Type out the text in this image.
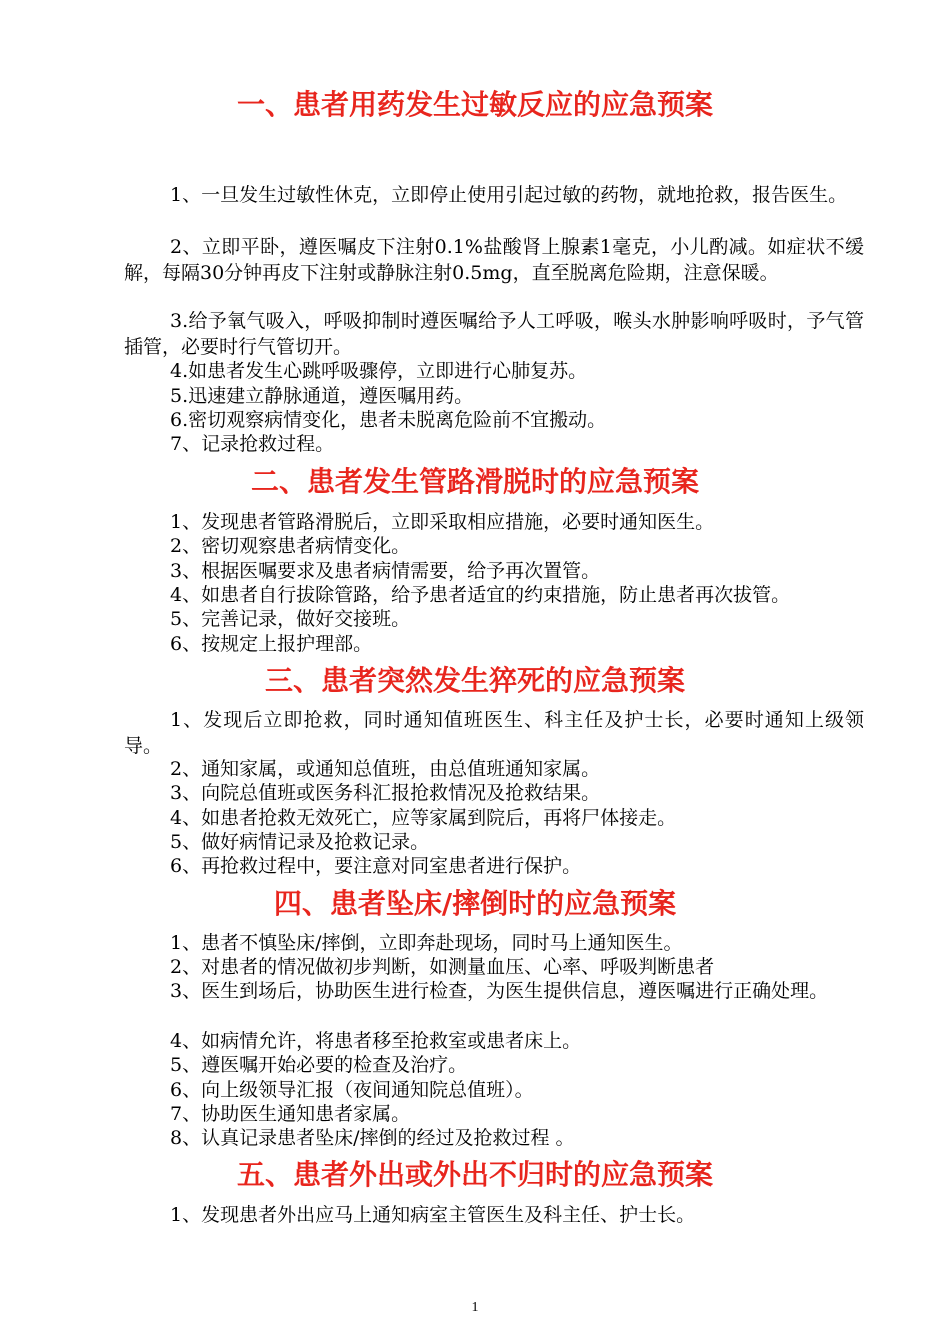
一、患者用药发生过敏反应的应急预案

1、一旦发生过敏性休克，立即停止使用引起过敏的药物，就地抢救，报告医生。

2、立即平卧，遵医嘱皮下注射0.1%盐酸肾上腺素1毫克，小儿酌减。如症状不缓解，每隔30分钟再皮下注射或静脉注射0.5mg，直至脱离危险期，注意保暖。

3.给予氧气吸入，呼吸抑制时遵医嘱给予人工呼吸，喉头水肿影响呼吸时，予气管插管，必要时行气管切开。

4.如患者发生心跳呼吸骤停，立即进行心肺复苏。

5.迅速建立静脉通道，遵医嘱用药。

6.密切观察病情变化，患者未脱离危险前不宜搬动。

7、记录抢救过程。

二、患者发生管路滑脱时的应急预案

1、发现患者管路滑脱后，立即采取相应措施，必要时通知医生。

2、密切观察患者病情变化。

3、根据医嘱要求及患者病情需要，给予再次置管。

4、如患者自行拔除管路，给予患者适宜的约束措施，防止患者再次拔管。

5、完善记录，做好交接班。

6、按规定上报护理部。

三、患者突然发生猝死的应急预案

1、发现后立即抢救，同时通知值班医生、科主任及护士长，必要时通知上级领导。

2、通知家属，或通知总值班，由总值班通知家属。

3、向院总值班或医务科汇报抢救情况及抢救结果。

4、如患者抢救无效死亡，应等家属到院后，再将尸体接走。

5、做好病情记录及抢救记录。

6、再抢救过程中，要注意对同室患者进行保护。

四、患者坠床/摔倒时的应急预案

1、患者不慎坠床/摔倒，立即奔赴现场，同时马上通知医生。

2、对患者的情况做初步判断，如测量血压、心率、呼吸判断患者

3、医生到场后，协助医生进行检查，为医生提供信息，遵医嘱进行正确处理。

4、如病情允许，将患者移至抢救室或患者床上。

5、遵医嘱开始必要的检查及治疗。

6、向上级领导汇报（夜间通知院总值班）。

7、协助医生通知患者家属。

8、认真记录患者坠床/摔倒的经过及抢救过程 。

五、患者外出或外出不归时的应急预案

1、发现患者外出应马上通知病室主管医生及科主任、护士长。

1
